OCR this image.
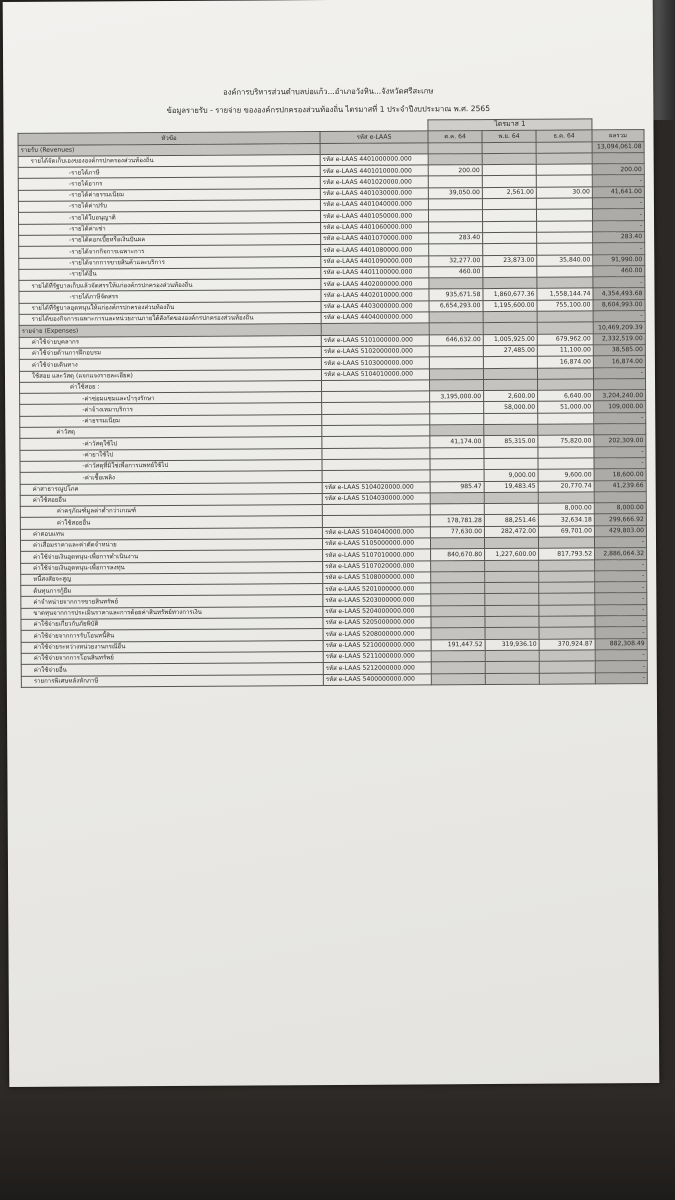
องค์การบริหารส่วนตำบลบ่อแก้ว...อำเภอวังหิน...จังหวัดศรีสะเกษ
ข้อมูลรายรับ - รายจ่าย ขององค์กรปกครองส่วนท้องถิ่น ไตรมาสที่ 1 ประจำปีงบประมาณ พ.ศ. 2565
		ไตรมาส 1			
หัวข้อ	รหัส e-LAAS	ต.ค. 64	พ.ย. 64	ธ.ค. 64	ผลรวม
รายรับ (Revenues)					13,094,061.08
รายได้จัดเก็บเองขององค์กรปกครองส่วนท้องถิ่น	รหัส e-LAAS 4401000000.000				
-รายได้ภาษี	รหัส e-LAAS 4401010000.000	200.00			200.00
-รายได้อากร	รหัส e-LAAS 4401020000.000				-
-รายได้ค่าธรรมเนียม	รหัส e-LAAS 4401030000.000	39,050.00	2,561.00	30.00	41,641.00
-รายได้ค่าปรับ	รหัส e-LAAS 4401040000.000				-
-รายได้ใบอนุญาติ	รหัส e-LAAS 4401050000.000				-
-รายได้ค่าเช่า	รหัส e-LAAS 4401060000.000				-
-รายได้ดอกเบี้ยหรือเงินปันผล	รหัส e-LAAS 4401070000.000	283.40			283.40
-รายได้จากกิจการเฉพาะการ	รหัส e-LAAS 4401080000.000				-
-รายได้จากการขายสินค้าและบริการ	รหัส e-LAAS 4401090000.000	32,277.00	23,873.00	35,840.00	91,990.00
-รายได้อื่น	รหัส e-LAAS 4401100000.000	460.00			460.00
รายได้ที่รัฐบาลเก็บแล้วจัดสรรให้แก่องค์กรปกครองส่วนท้องถิ่น	รหัส e-LAAS 4402000000.000				-
-รายได้ภาษีจัดสรร	รหัส e-LAAS 4402010000.000	935,671.58	1,860,677.36	1,558,144.74	4,354,493.68
รายได้ที่รัฐบาลอุดหนุนให้แก่องค์กรปกครองส่วนท้องถิ่น	รหัส e-LAAS 4403000000.000	6,654,293.00	1,195,600.00	755,100.00	8,604,993.00
รายได้ของกิจการเฉพาะการและหน่วยงานภายใต้สังกัดขององค์กรปกครองส่วนท้องถิ่น	รหัส e-LAAS 4404000000.000				-
รายจ่าย (Expenses)					10,469,209.39
ค่าใช้จ่ายบุคลากร	รหัส e-LAAS 5101000000.000	646,632.00	1,005,925.00	679,962.00	2,332,519.00
ค่าใช้จ่ายด้านการฝึกอบรม	รหัส e-LAAS 5102000000.000		27,485.00	11,100.00	38,585.00
ค่าใช้จ่ายเดินทาง	รหัส e-LAAS 5103000000.000			16,874.00	16,874.00
ใช้สอย และวัสดุ (แจกแจงรายละเอียด)	รหัส e-LAAS 5104010000.000				-
ค่าใช้สอย :					
-ค่าซ่อมแซมและบำรุงรักษา		3,195,000.00	2,600.00	6,640.00	3,204,240.00
-ค่าจ้างเหมาบริการ			58,000.00	51,000.00	109,000.00
-ค่าธรรมเนียม					-
ค่าวัสดุ					
-ค่าวัสดุใช้ไป		41,174.00	85,315.00	75,820.00	202,309.00
-ค่ายาใช้ไป					-
-ค่าวัสดุที่มิใช่เพื่อการแพทย์ใช้ไป					-
-ค่าเชื้อเพลิง			9,000.00	9,600.00	18,600.00
ค่าสาธารณูปโภค	รหัส e-LAAS 5104020000.000	985.47	19,483.45	20,770.74	41,239.66
ค่าใช้สอยอื่น	รหัส e-LAAS 5104030000.000				
ค่าครุภัณฑ์มูลค่าต่ำกว่าเกณฑ์				8,000.00	8,000.00
ค่าใช้สอยอื่น		178,781.28	88,251.46	32,634.18	299,666.92
ค่าตอบแทน	รหัส e-LAAS 5104040000.000	77,630.00	282,472.00	69,701.00	429,803.00
ค่าเสื่อมราคาและค่าตัดจำหน่าย	รหัส e-LAAS 5105000000.000				-
ค่าใช้จ่ายเงินอุดหนุน-เพื่อการดำเนินงาน	รหัส e-LAAS 5107010000.000	840,670.80	1,227,600.00	817,793.52	2,886,064.32
ค่าใช้จ่ายเงินอุดหนุน-เพื่อการลงทุน	รหัส e-LAAS 5107020000.000				-
หนี้สงสัยจะสูญ	รหัส e-LAAS 5108000000.000				-
ต้นทุนการกู้ยืม	รหัส e-LAAS 5201000000.000				-
ค่าจำหน่ายจากการขายสินทรัพย์	รหัส e-LAAS 5203000000.000				-
ขาดทุนจากการประเมินราคาและการด้อยค่าสินทรัพย์ทางการเงิน	รหัส e-LAAS 5204000000.000				-
ค่าใช้จ่ายเกี่ยวกับภัยพิบัติ	รหัส e-LAAS 5205000000.000				-
ค่าใช้จ่ายจากการรับโอนหนี้สิน	รหัส e-LAAS 5208000000.000				-
ค่าใช้จ่ายระหว่างหน่วยงานกรณีอื่น	รหัส e-LAAS 5210000000.000	191,447.52	319,936.10	370,924.87	882,308.49
ค่าใช้จ่ายจากการโอนสินทรัพย์	รหัส e-LAAS 5211000000.000				-
ค่าใช้จ่ายอื่น	รหัส e-LAAS 5212000000.000				-
รายการพิเศษหลังหักภาษี	รหัส e-LAAS 5400000000.000				-
